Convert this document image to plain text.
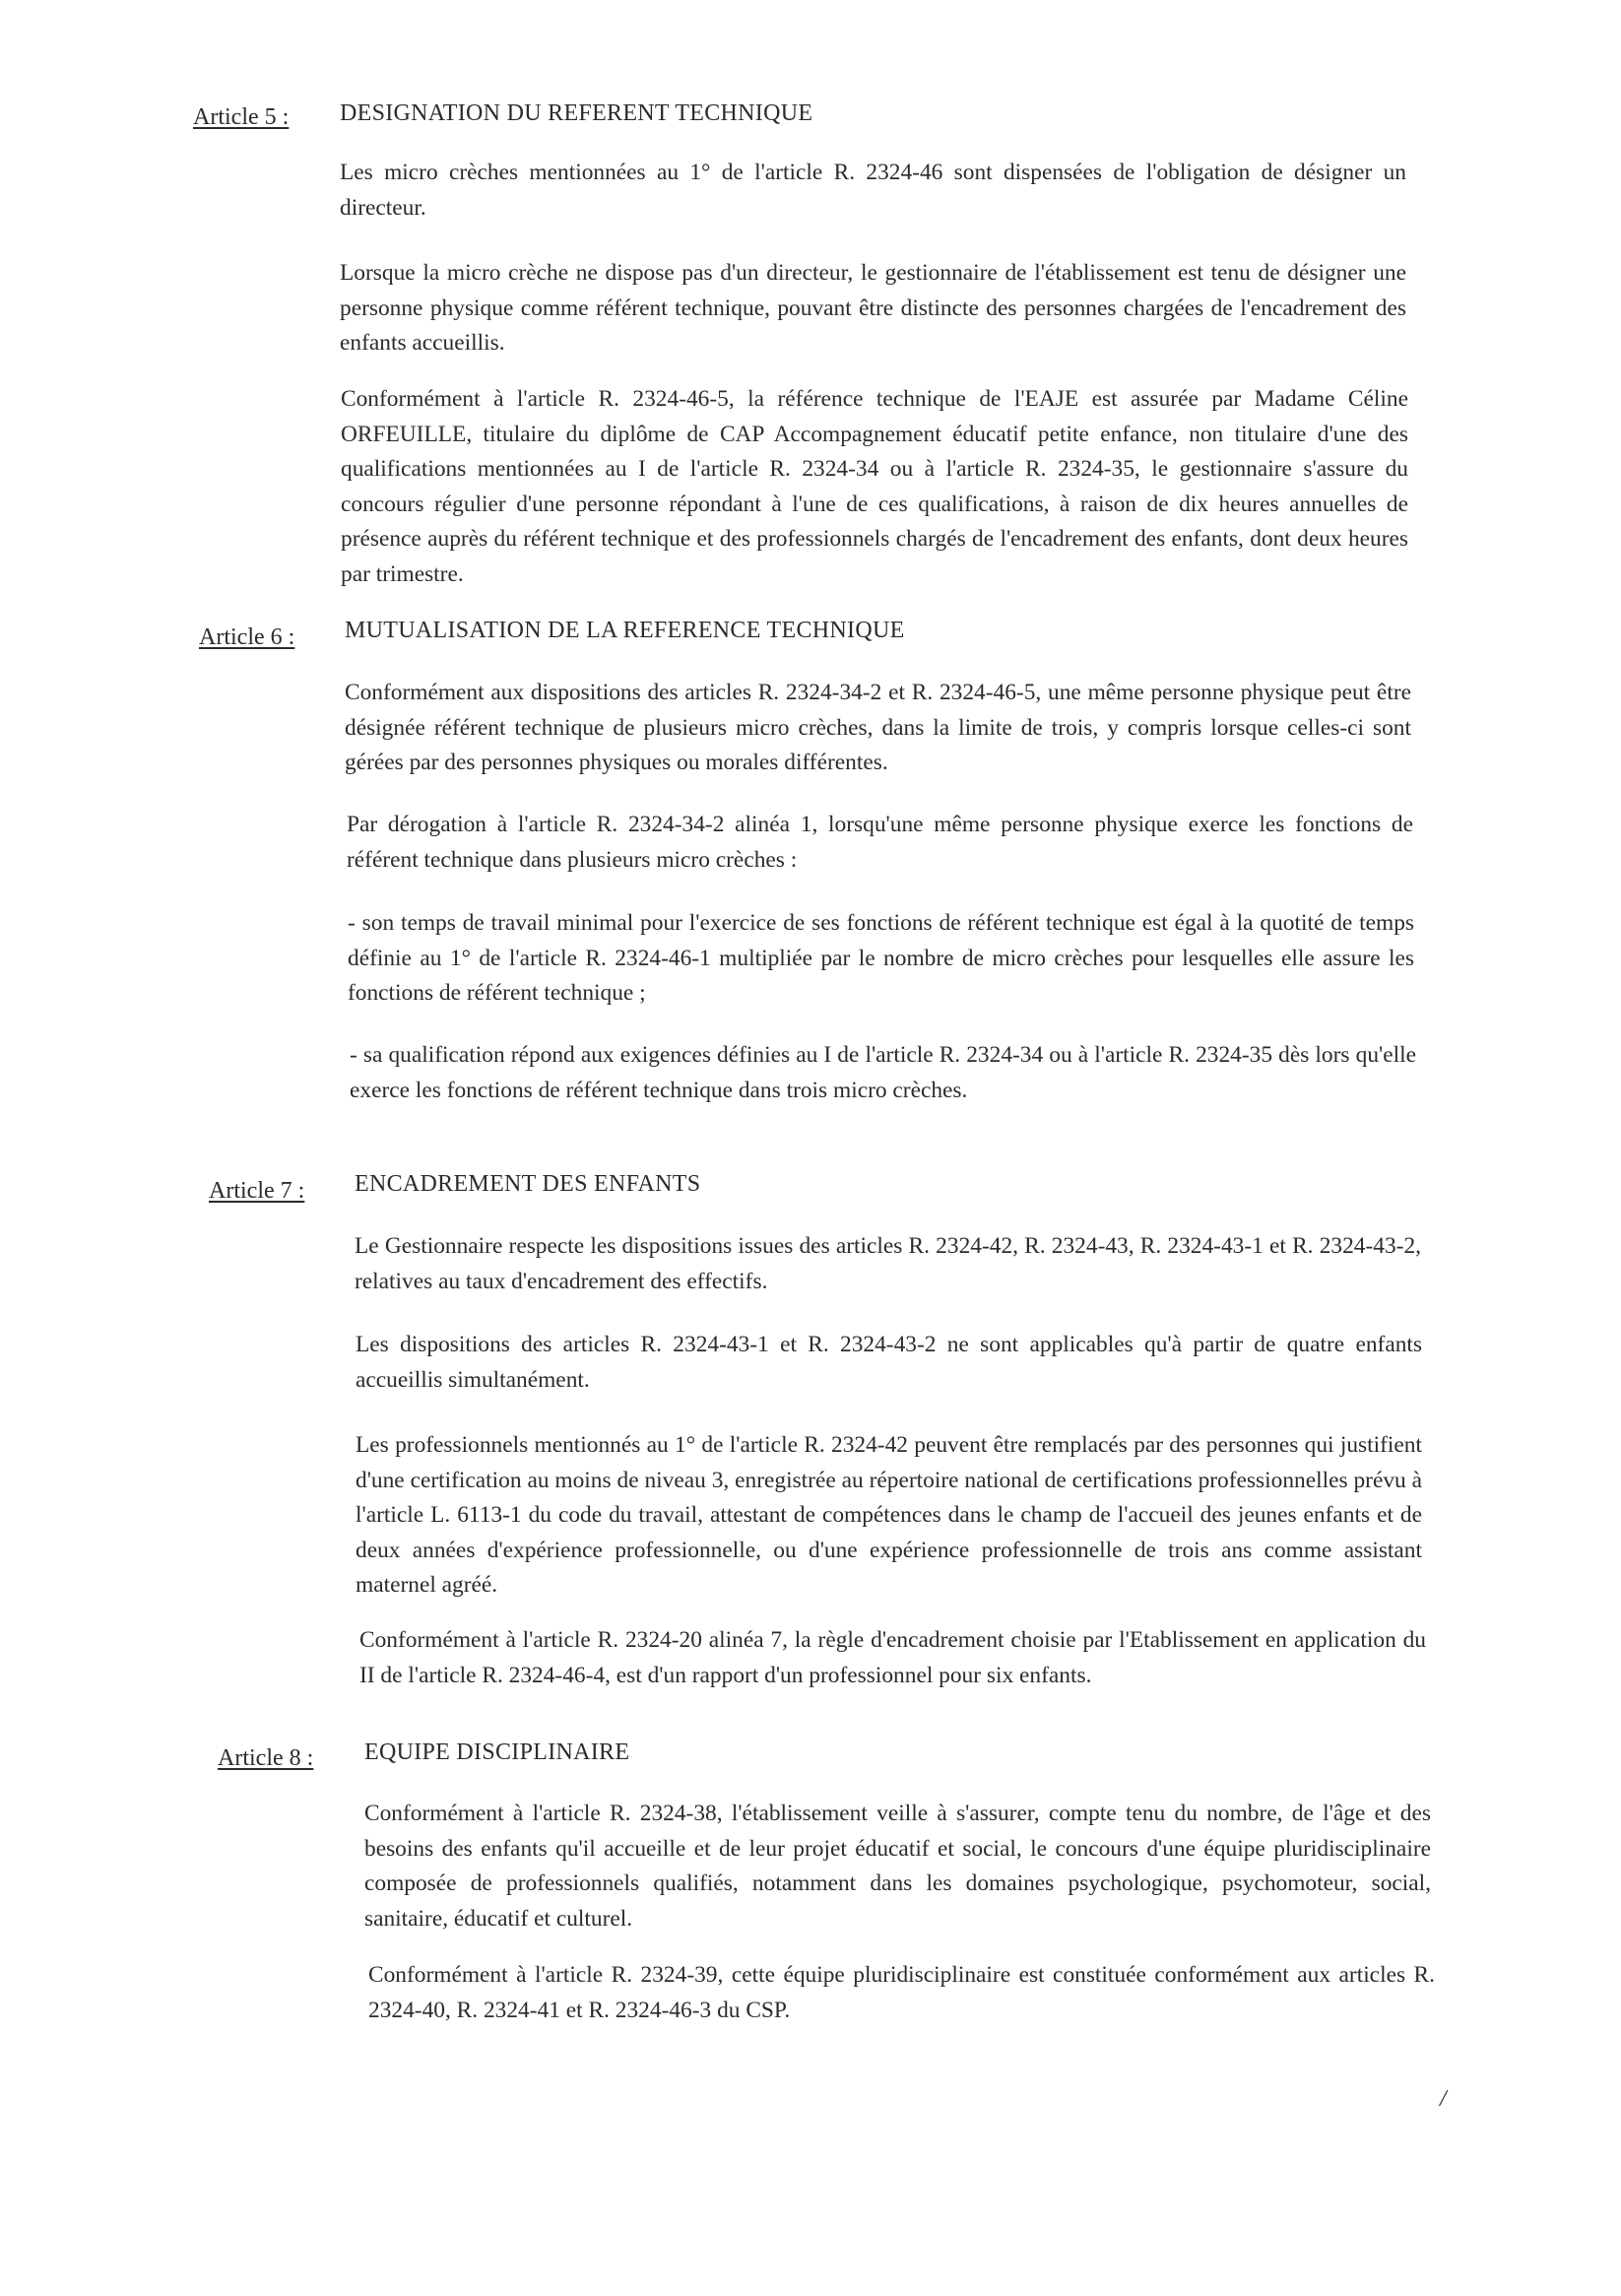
Article 5 : DESIGNATION DU REFERENT TECHNIQUE

Les micro crèches mentionnées au 1° de l'article R. 2324-46 sont dispensées de l'obligation de désigner un directeur.

Lorsque la micro crèche ne dispose pas d'un directeur, le gestionnaire de l'établissement est tenu de désigner une personne physique comme référent technique, pouvant être distincte des personnes chargées de l'encadrement des enfants accueillis.

Conformément à l'article R. 2324-46-5, la référence technique de l'EAJE est assurée par Madame Céline ORFEUILLE, titulaire du diplôme de CAP Accompagnement éducatif petite enfance, non titulaire d'une des qualifications mentionnées au I de l'article R. 2324-34 ou à l'article R. 2324-35, le gestionnaire s'assure du concours régulier d'une personne répondant à l'une de ces qualifications, à raison de dix heures annuelles de présence auprès du référent technique et des professionnels chargés de l'encadrement des enfants, dont deux heures par trimestre.

Article 6 : MUTUALISATION DE LA REFERENCE TECHNIQUE

Conformément aux dispositions des articles R. 2324-34-2 et R. 2324-46-5, une même personne physique peut être désignée référent technique de plusieurs micro crèches, dans la limite de trois, y compris lorsque celles-ci sont gérées par des personnes physiques ou morales différentes.

Par dérogation à l'article R. 2324-34-2 alinéa 1, lorsqu'une même personne physique exerce les fonctions de référent technique dans plusieurs micro crèches :

- son temps de travail minimal pour l'exercice de ses fonctions de référent technique est égal à la quotité de temps définie au 1° de l'article R. 2324-46-1 multipliée par le nombre de micro crèches pour lesquelles elle assure les fonctions de référent technique ;

- sa qualification répond aux exigences définies au I de l'article R. 2324-34 ou à l'article R. 2324-35 dès lors qu'elle exerce les fonctions de référent technique dans trois micro crèches.

Article 7 : ENCADREMENT DES ENFANTS

Le Gestionnaire respecte les dispositions issues des articles R. 2324-42, R. 2324-43, R. 2324-43-1 et R. 2324-43-2, relatives au taux d'encadrement des effectifs.

Les dispositions des articles R. 2324-43-1 et R. 2324-43-2 ne sont applicables qu'à partir de quatre enfants accueillis simultanément.

Les professionnels mentionnés au 1° de l'article R. 2324-42 peuvent être remplacés par des personnes qui justifient d'une certification au moins de niveau 3, enregistrée au répertoire national de certifications professionnelles prévu à l'article L. 6113-1 du code du travail, attestant de compétences dans le champ de l'accueil des jeunes enfants et de deux années d'expérience professionnelle, ou d'une expérience professionnelle de trois ans comme assistant maternel agréé.

Conformément à l'article R. 2324-20 alinéa 7, la règle d'encadrement choisie par l'Etablissement en application du II de l'article R. 2324-46-4, est d'un rapport d'un professionnel pour six enfants.

Article 8 : EQUIPE DISCIPLINAIRE

Conformément à l'article R. 2324-38, l'établissement veille à s'assurer, compte tenu du nombre, de l'âge et des besoins des enfants qu'il accueille et de leur projet éducatif et social, le concours d'une équipe pluridisciplinaire composée de professionnels qualifiés, notamment dans les domaines psychologique, psychomoteur, social, sanitaire, éducatif et culturel.

Conformément à l'article R. 2324-39, cette équipe pluridisciplinaire est constituée conformément aux articles R. 2324-40, R. 2324-41 et R. 2324-46-3 du CSP.

/
